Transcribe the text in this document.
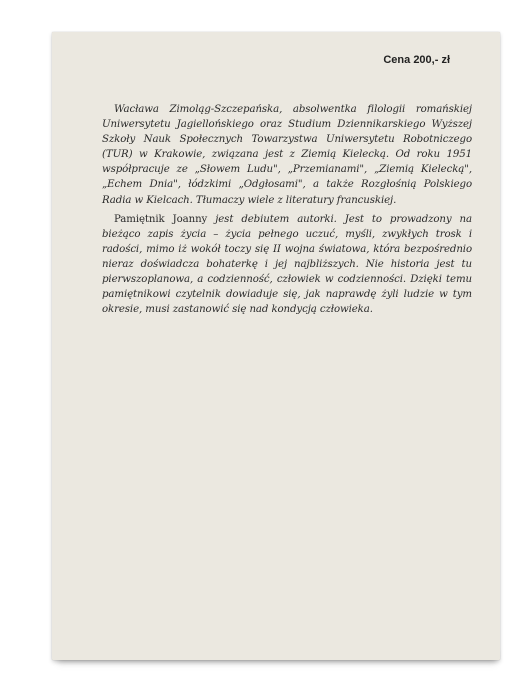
Cena 200,- zł

Wacława Zimoląg-Szczepańska, absolwentka filologii romańskiej Uniwersytetu Jagiellońskiego oraz Studium Dziennikarskiego Wyższej Szkoły Nauk Społecznych Towarzystwa Uniwersytetu Robotniczego (TUR) w Krakowie, związana jest z Ziemią Kielecką. Od roku 1951 współpracuje ze „Słowem Ludu", „Przemianami", „Ziemią Kielecką", „Echem Dnia", łódzkimi „Odgłosami", a także Rozgłośnią Polskiego Radia w Kielcach. Tłumaczy wiele z literatury francuskiej.

Pamiętnik Joanny jest debiutem autorki. Jest to prowadzony na bieżąco zapis życia – życia pełnego uczuć, myśli, zwykłych trosk i radości, mimo iż wokół toczy się II wojna światowa, która bezpośrednio nieraz doświadcza bohaterkę i jej najbliższych. Nie historia jest tu pierwszoplanowa, a codzienność, człowiek w codzienności. Dzięki temu pamiętnikowi czytelnik dowiaduje się, jak naprawdę żyli ludzie w tym okresie, musi zastanowić się nad kondycją człowieka.
